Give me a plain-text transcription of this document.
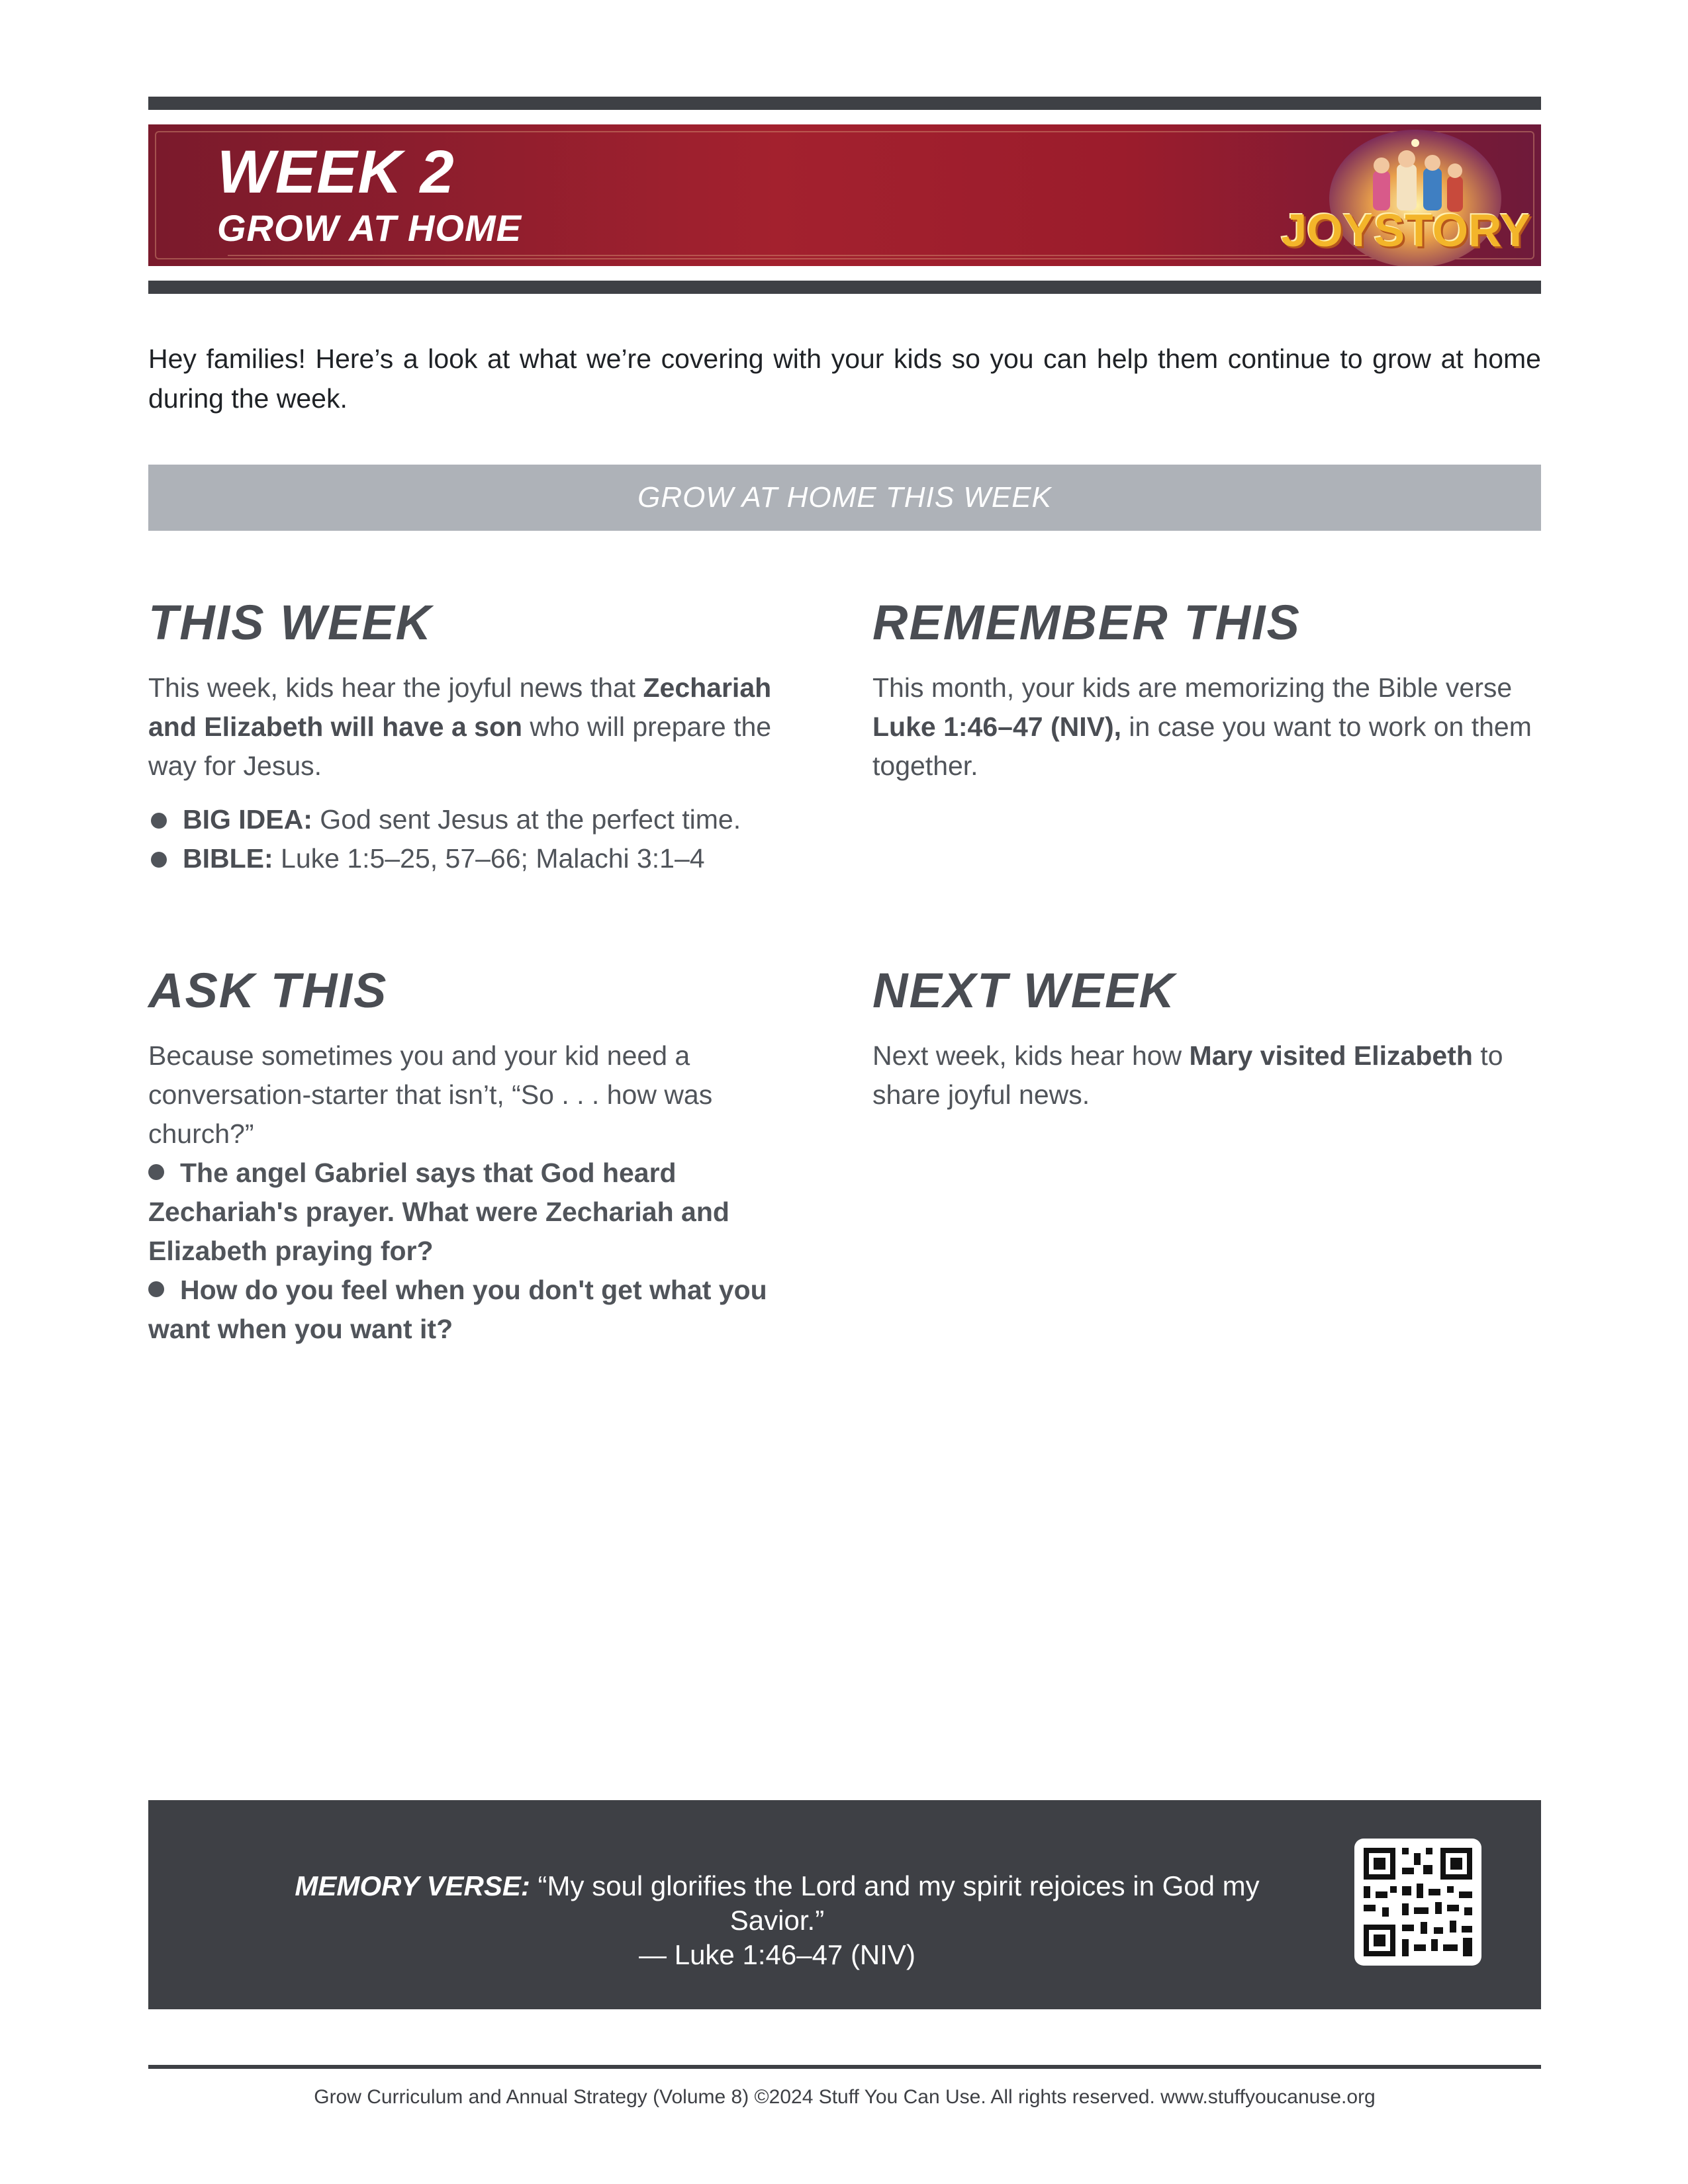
WEEK 2
GROW AT HOME	JOYSTORY

Hey families! Here’s a look at what we’re covering with your kids so you can help them continue to grow at home during the week.

GROW AT HOME THIS WEEK
THIS WEEK

This week, kids hear the joyful news that Zechariah and Elizabeth will have a son who will prepare the way for Jesus.

BIG IDEA: God sent Jesus at the perfect time.
BIBLE: Luke 1:5–25, 57–66; Malachi 3:1–4
REMEMBER THIS

This month, your kids are memorizing the Bible verse Luke 1:46–47 (NIV), in case you want to work on them together.

ASK THIS

Because sometimes you and your kid need a conversation-starter that isn’t, “So . . . how was church?”

The angel Gabriel says that God heard Zechariah's prayer. What were Zechariah and Elizabeth praying for?

How do you feel when you don't get what you want when you want it?

NEXT WEEK

Next week, kids hear how Mary visited Elizabeth to share joyful news.

MEMORY VERSE: “My soul glorifies the Lord and my spirit rejoices in God my Savior.”
— Luke 1:46–47 (NIV)
Grow Curriculum and Annual Strategy (Volume 8) ©2024 Stuff You Can Use. All rights reserved. www.stuffyoucanuse.org
